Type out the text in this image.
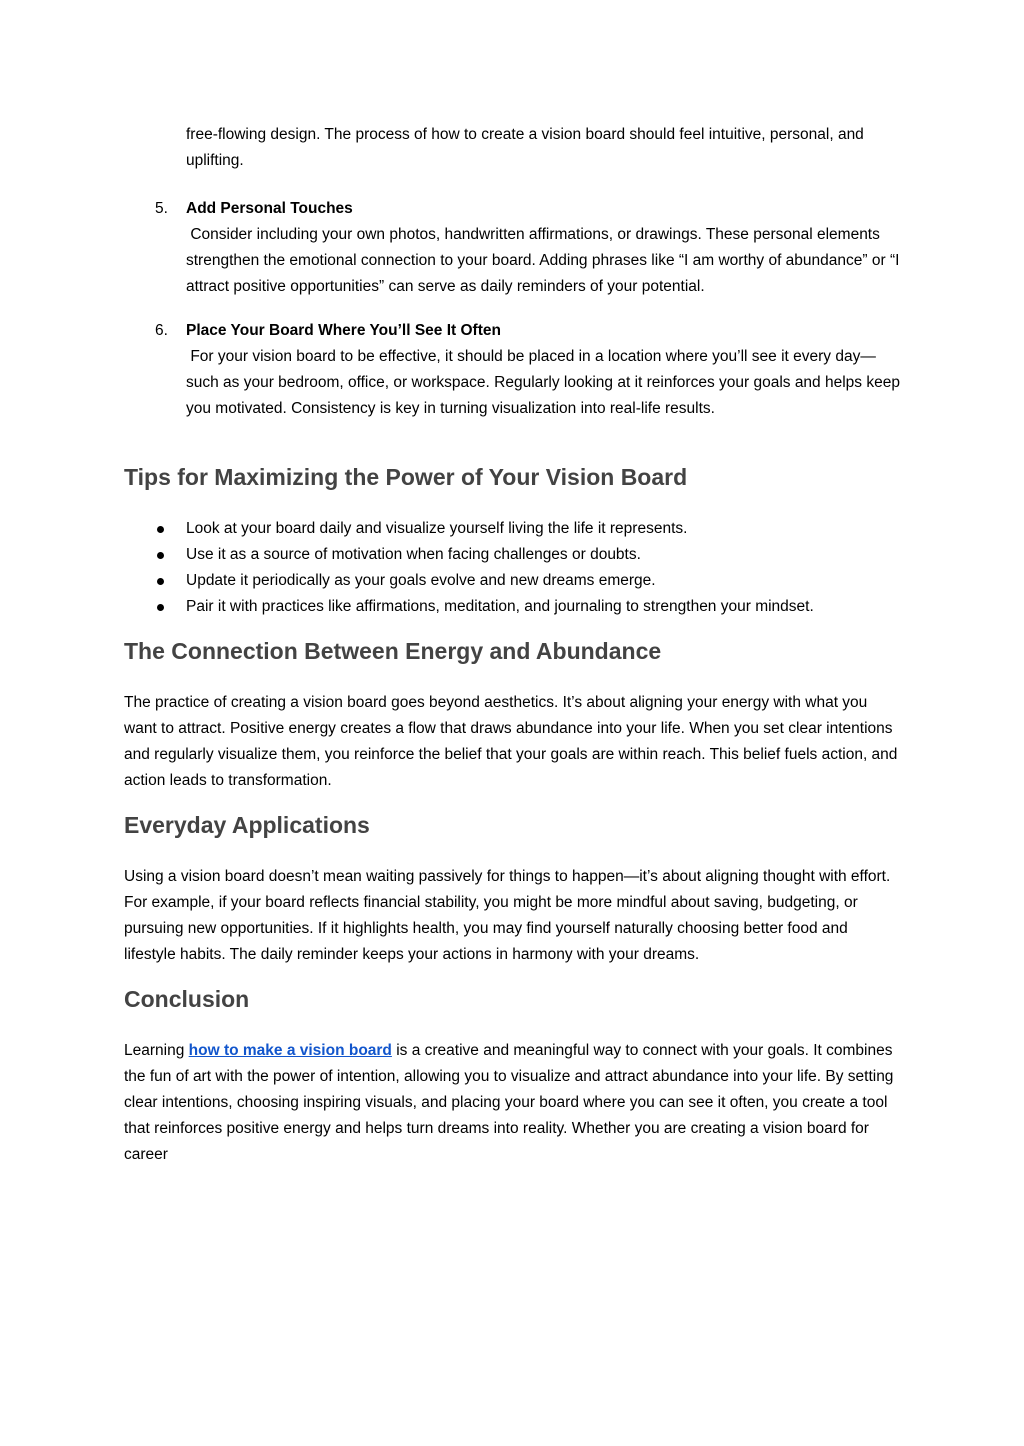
free-flowing design. The process of how to create a vision board should feel intuitive, personal, and uplifting.

5. Add Personal Touches
Consider including your own photos, handwritten affirmations, or drawings. These personal elements strengthen the emotional connection to your board. Adding phrases like “I am worthy of abundance” or “I attract positive opportunities” can serve as daily reminders of your potential.
6. Place Your Board Where You’ll See It Often
For your vision board to be effective, it should be placed in a location where you’ll see it every day—such as your bedroom, office, or workspace. Regularly looking at it reinforces your goals and helps keep you motivated. Consistency is key in turning visualization into real-life results.
Tips for Maximizing the Power of Your Vision Board
Look at your board daily and visualize yourself living the life it represents.
Use it as a source of motivation when facing challenges or doubts.
Update it periodically as your goals evolve and new dreams emerge.
Pair it with practices like affirmations, meditation, and journaling to strengthen your mindset.
The Connection Between Energy and Abundance

The practice of creating a vision board goes beyond aesthetics. It’s about aligning your energy with what you want to attract. Positive energy creates a flow that draws abundance into your life. When you set clear intentions and regularly visualize them, you reinforce the belief that your goals are within reach. This belief fuels action, and action leads to transformation.

Everyday Applications

Using a vision board doesn’t mean waiting passively for things to happen—it’s about aligning thought with effort. For example, if your board reflects financial stability, you might be more mindful about saving, budgeting, or pursuing new opportunities. If it highlights health, you may find yourself naturally choosing better food and lifestyle habits. The daily reminder keeps your actions in harmony with your dreams.

Conclusion

Learning how to make a vision board is a creative and meaningful way to connect with your goals. It combines the fun of art with the power of intention, allowing you to visualize and attract abundance into your life. By setting clear intentions, choosing inspiring visuals, and placing your board where you can see it often, you create a tool that reinforces positive energy and helps turn dreams into reality. Whether you are creating a vision board for career
